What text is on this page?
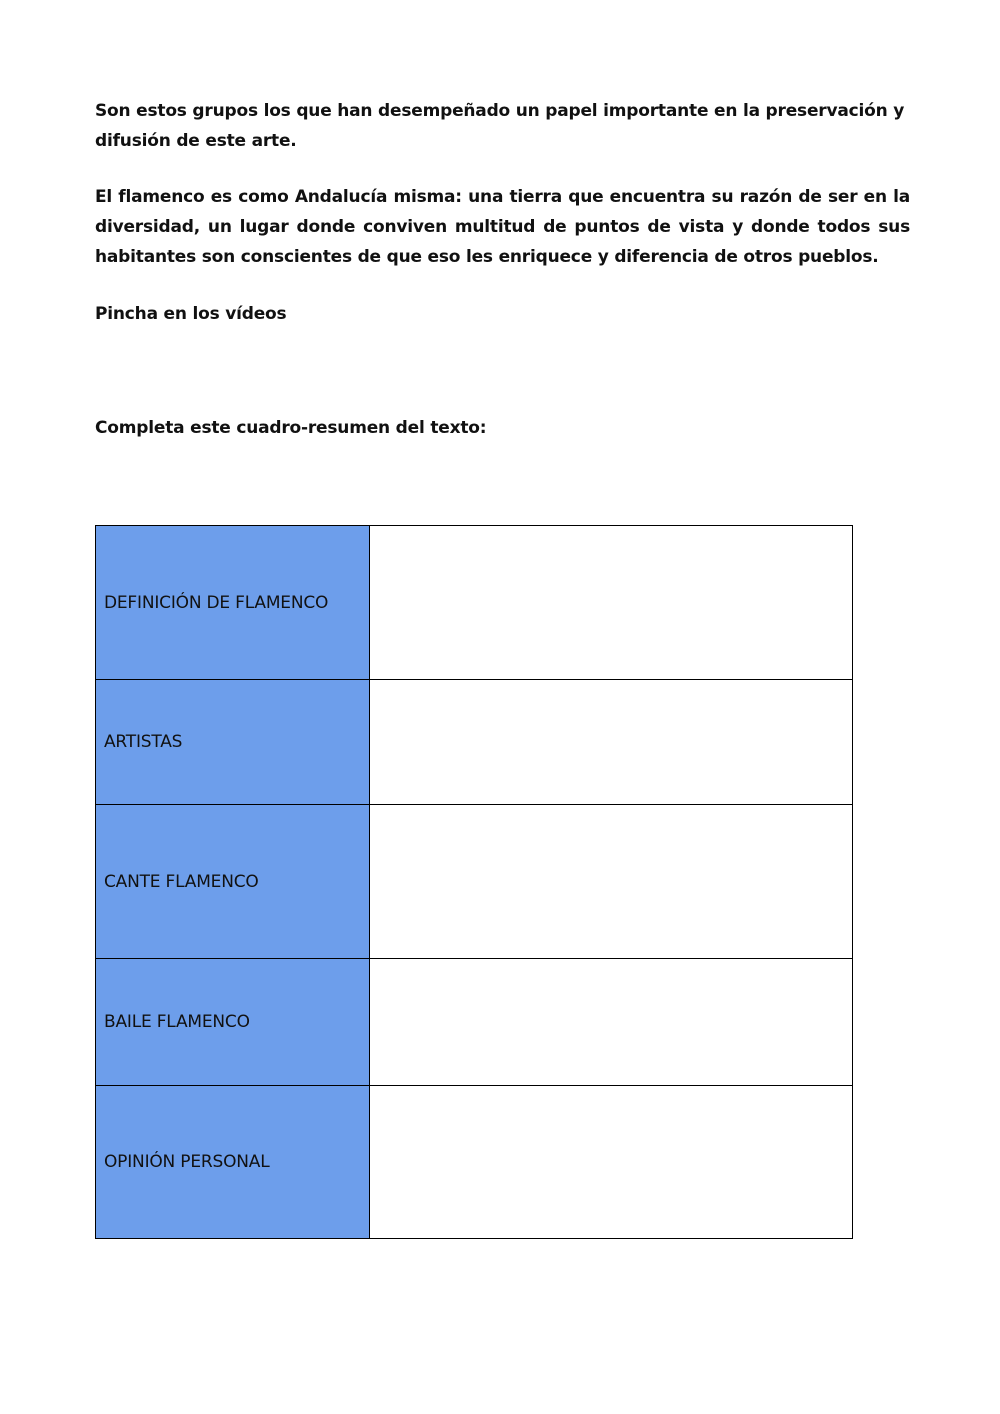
Son estos grupos los que han desempeñado un papel importante en la preservación y difusión de este arte.

El flamenco es como Andalucía misma: una tierra que encuentra su razón de ser en la diversidad, un lugar donde conviven multitud de puntos de vista y donde todos sus habitantes son conscientes de que eso les enriquece y diferencia de otros pueblos.

Pincha en los vídeos

Completa este cuadro-resumen del texto:

DEFINICIÓN DE FLAMENCO	

ARTISTAS	

CANTE FLAMENCO	

BAILE FLAMENCO	

OPINIÓN PERSONAL	
